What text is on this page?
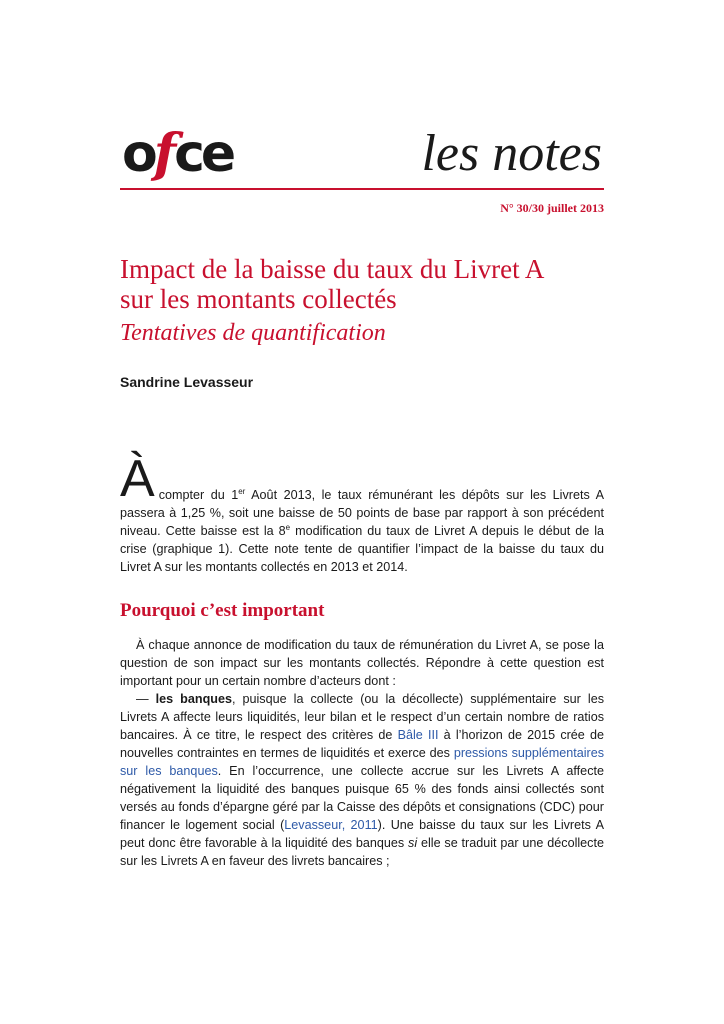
ofce	les notes
N° 30/30 juillet 2013
Impact de la baisse du taux du Livret A
sur les montants collectés
Tentatives de quantification
Sandrine Levasseur
À compter du 1er Août 2013, le taux rémunérant les dépôts sur les Livrets A passera à 1,25 %, soit une baisse de 50 points de base par rapport à son précédent niveau. Cette baisse est la 8e modification du taux de Livret A depuis le début de la crise (graphique 1). Cette note tente de quantifier l’impact de la baisse du taux du Livret A sur les montants collectés en 2013 et 2014.

Pourquoi c’est important

À chaque annonce de modification du taux de rémunération du Livret A, se pose la question de son impact sur les montants collectés. Répondre à cette question est important pour un certain nombre d’acteurs dont :

— les banques, puisque la collecte (ou la décollecte) supplémentaire sur les Livrets A affecte leurs liquidités, leur bilan et le respect d’un certain nombre de ratios bancaires. À ce titre, le respect des critères de Bâle III à l’horizon de 2015 crée de nouvelles contraintes en termes de liquidités et exerce des pressions supplémentaires sur les banques. En l’occurrence, une collecte accrue sur les Livrets A affecte négativement la liquidité des banques puisque 65 % des fonds ainsi collectés sont versés au fonds d’épargne géré par la Caisse des dépôts et consignations (CDC) pour financer le logement social (Levasseur, 2011). Une baisse du taux sur les Livrets A peut donc être favorable à la liquidité des banques si elle se traduit par une décollecte sur les Livrets A en faveur des livrets bancaires ;
